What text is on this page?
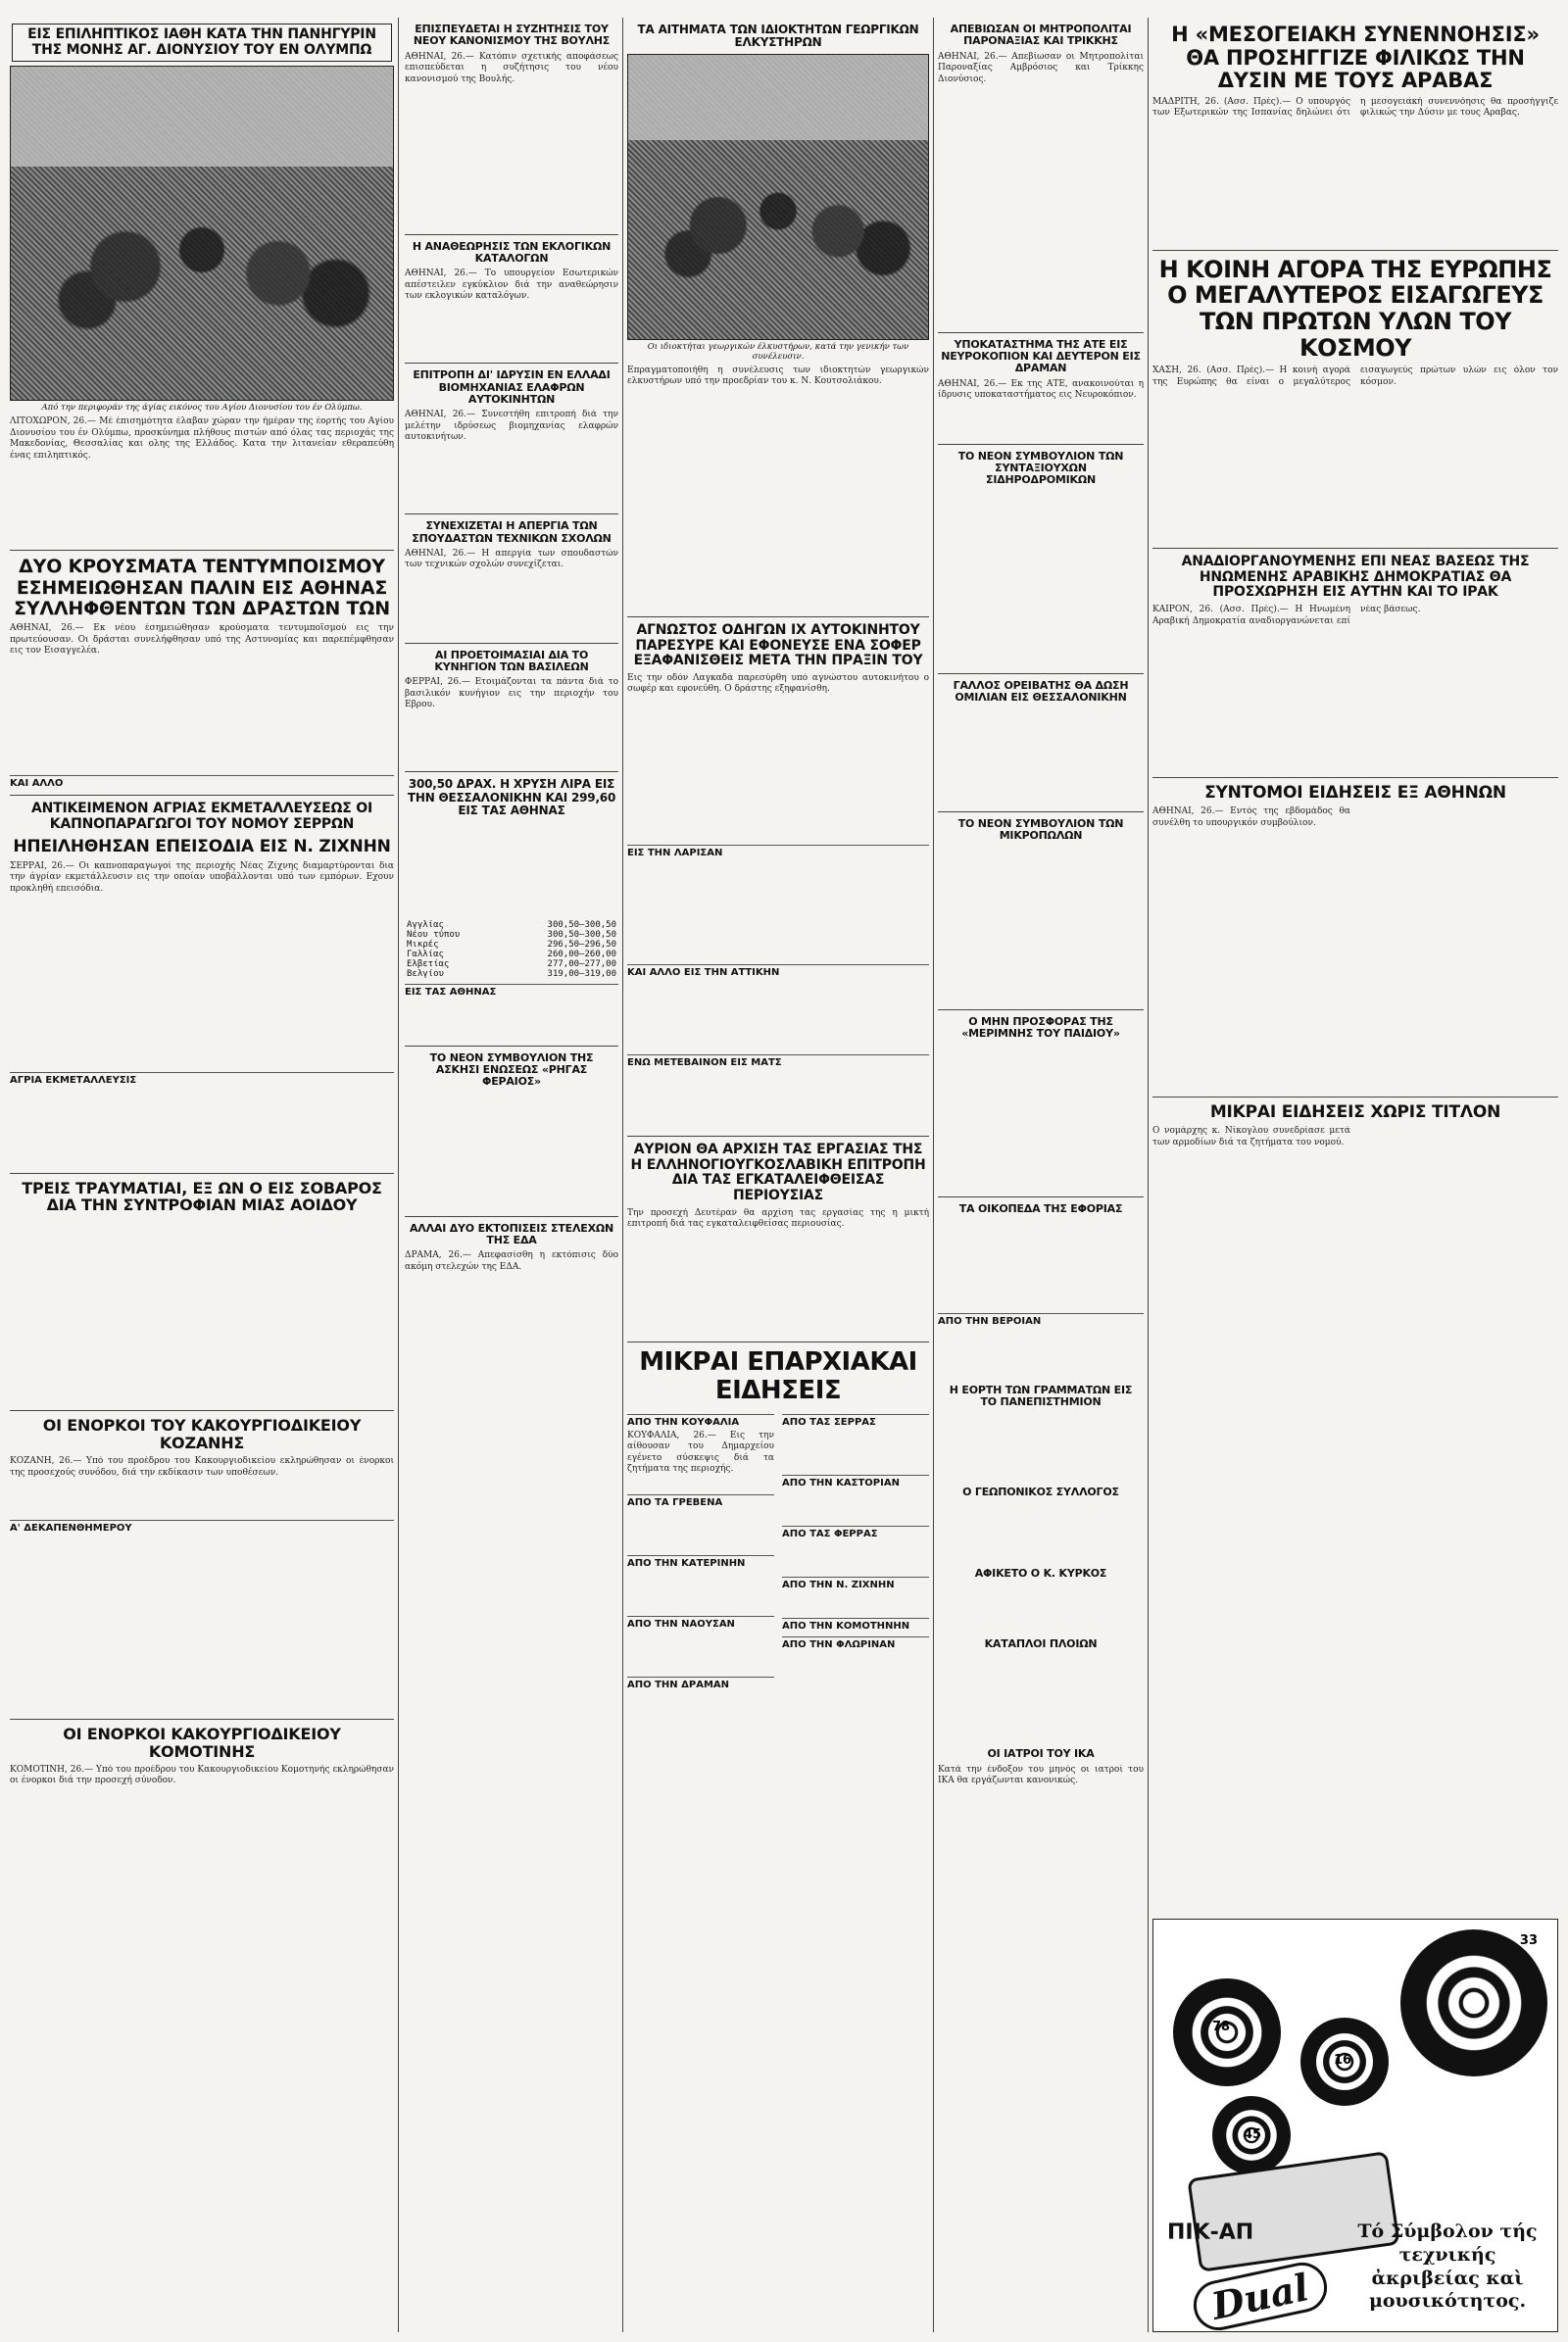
ΕΙΣ ΕΠΙΛΗΠΤΙΚΟΣ ΙΑΘΗ ΚΑΤΑ ΤΗΝ ΠΑΝΗΓΥΡΙΝ ΤΗΣ ΜΟΝΗΣ ΑΓ. ΔΙΟΝΥΣΙΟΥ ΤΟΥ ΕΝ ΟΛΥΜΠΩ
Από την περιφοράν της άγίας εικόνος του Αγίου Διονυσίου του έν Ολύμπω.
ΛΙΤΟΧΩΡΟΝ, 26.— Μέ έπισημότητα έλαβαν χώραν την ήμέραν της έορτής του Αγίου Διονυσίου του έν Ολύμπω, προσκύνημα πλήθους πιστών από όλας τας περιοχάς της Μακεδονίας, Θεσσαλίας και ολης της Ελλάδος. Κατα την λιτανείαν εθεραπεύθη ένας επιληπτικός.
ΔΥΟ ΚΡΟΥΣΜΑΤΑ ΤΕΝΤΥΜΠΟΙΣΜΟΥ ΕΣΗΜΕΙΩΘΗΣΑΝ ΠΑΛΙΝ ΕΙΣ ΑΘΗΝΑΣ ΣΥΛΛΗΦΘΕΝΤΩΝ ΤΩΝ ΔΡΑΣΤΩΝ ΤΩΝ
ΑΘΗΝΑΙ, 26.— Εκ νέου έσημειώθησαν κρούσματα τεντυμποϊσμού εις την πρωτεύουσαν. Οι δράσται συνελήφθησαν υπό της Αστυνομίας και παρεπέμφθησαν εις τον Εισαγγελέα.
ΚΑΙ ΑΛΛΟ
ΑΝΤΙΚΕΙΜΕΝΟΝ ΑΓΡΙΑΣ ΕΚΜΕΤΑΛΛΕΥΣΕΩΣ ΟΙ ΚΑΠΝΟΠΑΡΑΓΩΓΟΙ ΤΟΥ ΝΟΜΟΥ ΣΕΡΡΩΝ
ΗΠΕΙΛΗΘΗΣΑΝ ΕΠΕΙΣΟΔΙΑ ΕΙΣ Ν. ΖΙΧΝΗΝ
ΣΕΡΡΑΙ, 26.— Οι καπνοπαραγωγοί της περιοχής Νέας Ζίχνης διαμαρτύρονται δια την άγρίαν εκμετάλλευσιν εις την οποίαν υποβάλλονται υπό των εμπόρων. Εχουν προκληθή επεισόδια.
ΑΓΡΙΑ ΕΚΜΕΤΑΛΛΕΥΣΙΣ
ΤΡΕΙΣ ΤΡΑΥΜΑΤΙΑΙ, ΕΞ ΩΝ Ο ΕΙΣ ΣΟΒΑΡΟΣ ΔΙΑ ΤΗΝ ΣΥΝΤΡΟΦΙΑΝ ΜΙΑΣ ΑΟΙΔΟΥ
ΟΙ ΕΝΟΡΚΟΙ ΤΟΥ ΚΑΚΟΥΡΓΙΟΔΙΚΕΙΟΥ ΚΟΖΑΝΗΣ
ΚΟΖΑΝΗ, 26.— Υπό του προέδρου του Κακουργιοδικείου εκληρώθησαν οι ένορκοι της προσεχούς συνόδου, διά την εκδίκασιν των υποθέσεων.
Α' ΔΕΚΑΠΕΝΘΗΜΕΡΟΥ
ΟΙ ΕΝΟΡΚΟΙ ΚΑΚΟΥΡΓΙΟΔΙΚΕΙΟΥ ΚΟΜΟΤΙΝΗΣ
ΚΟΜΟΤΙΝΗ, 26.— Υπό του προέδρου του Κακουργιοδικείου Κομοτηνής εκληρώθησαν οι ένορκοι διά την προσεχή σύνοδον.
ΕΠΙΣΠΕΥΔΕΤΑΙ Η ΣΥΖΗΤΗΣΙΣ ΤΟΥ ΝΕΟΥ ΚΑΝΟΝΙΣΜΟΥ ΤΗΣ ΒΟΥΛΗΣ
ΑΘΗΝΑΙ, 26.— Κατόπιν σχετικής αποφάσεως επισπεύδεται η συζήτησις του νέου κανονισμού της Βουλής.
Η ΑΝΑΘΕΩΡΗΣΙΣ ΤΩΝ ΕΚΛΟΓΙΚΩΝ ΚΑΤΑΛΟΓΩΝ
ΑΘΗΝΑΙ, 26.— Το υπουργείον Εσωτερικών απέστειλεν εγκύκλιον διά την αναθεώρησιν των εκλογικών καταλόγων.
ΕΠΙΤΡΟΠΗ ΔΙ' ΙΔΡΥΣΙΝ ΕΝ ΕΛΛΑΔΙ ΒΙΟΜΗΧΑΝΙΑΣ ΕΛΑΦΡΩΝ ΑΥΤΟΚΙΝΗΤΩΝ
ΑΘΗΝΑΙ, 26.— Συνεστήθη επιτροπή διά την μελέτην ιδρύσεως βιομηχανίας ελαφρών αυτοκινήτων.
ΣΥΝΕΧΙΖΕΤΑΙ Η ΑΠΕΡΓΙΑ ΤΩΝ ΣΠΟΥΔΑΣΤΩΝ ΤΕΧΝΙΚΩΝ ΣΧΟΛΩΝ
ΑΘΗΝΑΙ, 26.— Η απεργία των σπουδαστών των τεχνικών σχολών συνεχίζεται.
ΑΙ ΠΡΟΕΤΟΙΜΑΣΙΑΙ ΔΙΑ ΤΟ ΚΥΝΗΓΙΟΝ ΤΩΝ ΒΑΣΙΛΕΩΝ
ΦΕΡΡΑΙ, 26.— Ετοιμάζονται τα πάντα διά το βασιλικόν κυνήγιον εις την περιοχήν του Εβρου.
300,50 ΔΡΑΧ. Η ΧΡΥΣΗ ΛΙΡΑ ΕΙΣ ΤΗΝ ΘΕΣΣΑΛΟΝΙΚΗΝ ΚΑΙ 299,60 ΕΙΣ ΤΑΣ ΑΘΗΝΑΣ
Αγγλίας	300,50—300,50
Νέου τύπου	300,50—300,50
Μικρές	296,50—296,50
Γαλλίας	260,00—260,00
Ελβετίας	277,00—277,00
Βελγίου	319,00—319,00
ΕΙΣ ΤΑΣ ΑΘΗΝΑΣ
ΤΟ ΝΕΟΝ ΣΥΜΒΟΥΛΙΟΝ ΤΗΣ ΑΣΚΗΣΙ ΕΝΩΣΕΩΣ «ΡΗΓΑΣ ΦΕΡΑΙΟΣ»
ΑΛΛΑΙ ΔΥΟ ΕΚΤΟΠΙΣΕΙΣ ΣΤΕΛΕΧΩΝ ΤΗΣ ΕΔΑ
ΔΡΑΜΑ, 26.— Απεφασίσθη η εκτόπισις δύο ακόμη στελεχών της ΕΔΑ.
ΤΑ ΑΙΤΗΜΑΤΑ ΤΩΝ ΙΔΙΟΚΤΗΤΩΝ ΓΕΩΡΓΙΚΩΝ ΕΛΚΥΣΤΗΡΩΝ
Οι ιδιοκτήται γεωργικών έλκυστήρων, κατά την γενικήν των συνέλευσιν.
Επραγματοποιήθη η συνέλευσις των ιδιοκτητών γεωργικών ελκυστήρων υπό την προεδρίαν του κ. Ν. Κουτσολιάκου.
ΑΓΝΩΣΤΟΣ ΟΔΗΓΩΝ ΙΧ ΑΥΤΟΚΙΝΗΤΟΥ ΠΑΡΕΣΥΡΕ ΚΑΙ ΕΦΟΝΕΥΣΕ ΕΝΑ ΣΟΦΕΡ ΕΞΑΦΑΝΙΣΘΕΙΣ ΜΕΤΑ ΤΗΝ ΠΡΑΞΙΝ ΤΟΥ
Εις την οδόν Λαγκαδά παρεσύρθη υπό αγνώστου αυτοκινήτου ο σωφέρ και εφονεύθη. Ο δράστης εξηφανίσθη.
ΕΙΣ ΤΗΝ ΛΑΡΙΣΑΝ
ΚΑΙ ΑΛΛΟ ΕΙΣ ΤΗΝ ΑΤΤΙΚΗΝ
ΕΝΩ ΜΕΤΕΒΑΙΝΟΝ ΕΙΣ ΜΑΤΣ
ΑΥΡΙΟΝ ΘΑ ΑΡΧΙΣΗ ΤΑΣ ΕΡΓΑΣΙΑΣ ΤΗΣ Η ΕΛΛΗΝΟΓΙΟΥΓΚΟΣΛΑΒΙΚΗ ΕΠΙΤΡΟΠΗ ΔΙΑ ΤΑΣ ΕΓΚΑΤΑΛΕΙΦΘΕΙΣΑΣ ΠΕΡΙΟΥΣΙΑΣ
Την προσεχή Δευτέραν θα αρχίση τας εργασίας της η μικτή επιτροπή διά τας εγκαταλειφθείσας περιουσίας.
ΜΙΚΡΑΙ ΕΠΑΡΧΙΑΚΑΙ ΕΙΔΗΣΕΙΣ
ΑΠΟ ΤΗΝ ΚΟΥΦΑΛΙΑ
ΚΟΥΦΑΛΙΑ, 26.— Εις την αίθουσαν του Δημαρχείου εγένετο σύσκεψις διά τα ζητήματα της περιοχής.
ΑΠΟ ΤΑ ΓΡΕΒΕΝΑ
ΑΠΟ ΤΗΝ ΚΑΤΕΡΙΝΗΝ
ΑΠΟ ΤΗΝ ΝΑΟΥΣΑΝ
ΑΠΟ ΤΗΝ ΔΡΑΜΑΝ
ΑΠΟ ΤΑΣ ΣΕΡΡΑΣ
ΑΠΟ ΤΗΝ ΚΑΣΤΟΡΙΑΝ
ΑΠΟ ΤΑΣ ΦΕΡΡΑΣ
ΑΠΟ ΤΗΝ Ν. ΖΙΧΝΗΝ
ΑΠΟ ΤΗΝ ΚΟΜΟΤΗΝΗΝ
ΑΠΟ ΤΗΝ ΦΛΩΡΙΝΑΝ
ΑΠΕΒΙΩΣΑΝ ΟΙ ΜΗΤΡΟΠΟΛΙΤΑΙ ΠΑΡΟΝΑΞΙΑΣ ΚΑΙ ΤΡΙΚΚΗΣ
ΑΘΗΝΑΙ, 26.— Απεβίωσαν οι Μητροπολίται Παροναξίας Αμβρόσιος και Τρίκκης Διονύσιος.
ΥΠΟΚΑΤΑΣΤΗΜΑ ΤΗΣ ΑΤΕ ΕΙΣ ΝΕΥΡΟΚΟΠΙΟΝ ΚΑΙ ΔΕΥΤΕΡΟΝ ΕΙΣ ΔΡΑΜΑΝ
ΑΘΗΝΑΙ, 26.— Εκ της ΑΤΕ, ανακοινούται η ίδρυσις υποκαταστήματος εις Νευροκόπιον.
ΤΟ ΝΕΟΝ ΣΥΜΒΟΥΛΙΟΝ ΤΩΝ ΣΥΝΤΑΞΙΟΥΧΩΝ ΣΙΔΗΡΟΔΡΟΜΙΚΩΝ
ΓΑΛΛΟΣ ΟΡΕΙΒΑΤΗΣ ΘΑ ΔΩΣΗ ΟΜΙΛΙΑΝ ΕΙΣ ΘΕΣΣΑΛΟΝΙΚΗΝ
ΤΟ ΝΕΟΝ ΣΥΜΒΟΥΛΙΟΝ ΤΩΝ ΜΙΚΡΟΠΩΛΩΝ
Ο ΜΗΝ ΠΡΟΣΦΟΡΑΣ ΤΗΣ «ΜΕΡΙΜΝΗΣ ΤΟΥ ΠΑΙΔΙΟΥ»
ΤΑ ΟΙΚΟΠΕΔΑ ΤΗΣ ΕΦΟΡΙΑΣ
ΑΠΟ ΤΗΝ ΒΕΡΟΙΑΝ
Η ΕΟΡΤΗ ΤΩΝ ΓΡΑΜΜΑΤΩΝ ΕΙΣ ΤΟ ΠΑΝΕΠΙΣΤΗΜΙΟΝ
Ο ΓΕΩΠΟΝΙΚΟΣ ΣΥΛΛΟΓΟΣ
ΑΦΙΚΕΤΟ Ο Κ. ΚΥΡΚΟΣ
ΚΑΤΑΠΛΟΙ ΠΛΟΙΩΝ
ΟΙ ΙΑΤΡΟΙ ΤΟΥ ΙΚΑ
Κατά την ένδοξον του μηνός οι ιατροί του ΙΚΑ θα εργάζωνται κανονικώς.
Η «ΜΕΣΟΓΕΙΑΚΗ ΣΥΝΕΝΝΟΗΣΙΣ» ΘΑ ΠΡΟΣΗΓΓΙΖΕ ΦΙΛΙΚΩΣ ΤΗΝ ΔΥΣΙΝ ΜΕ ΤΟΥΣ ΑΡΑΒΑΣ
ΜΑΔΡΙΤΗ, 26. (Ασσ. Πρές).— Ο υπουργός των Εξωτερικών της Ισπανίας δηλώνει ότι η μεσογειακή συνεννόησις θα προσήγγιζε φιλικώς την Δύσιν με τους Αραβας.
Η ΚΟΙΝΗ ΑΓΟΡΑ ΤΗΣ ΕΥΡΩΠΗΣ Ο ΜΕΓΑΛΥΤΕΡΟΣ ΕΙΣΑΓΩΓΕΥΣ ΤΩΝ ΠΡΩΤΩΝ ΥΛΩΝ ΤΟΥ ΚΟΣΜΟΥ
ΧΑΣΗ, 26. (Ασσ. Πρές).— Η κοινή αγορά της Ευρώπης θα είναι ο μεγαλύτερος εισαγωγεύς πρώτων υλών εις όλον τον κόσμον.
ΑΝΑΔΙΟΡΓΑΝΟΥΜΕΝΗΣ ΕΠΙ ΝΕΑΣ ΒΑΣΕΩΣ ΤΗΣ ΗΝΩΜΕΝΗΣ ΑΡΑΒΙΚΗΣ ΔΗΜΟΚΡΑΤΙΑΣ ΘΑ ΠΡΟΣΧΩΡΗΣΗ ΕΙΣ ΑΥΤΗΝ ΚΑΙ ΤΟ ΙΡΑΚ
ΚΑΪΡΟΝ, 26. (Ασσ. Πρές).— Η Ηνωμένη Αραβική Δημοκρατία αναδιοργανώνεται επί νέας βάσεως.
ΣΥΝΤΟΜΟΙ ΕΙΔΗΣΕΙΣ ΕΞ ΑΘΗΝΩΝ
ΑΘΗΝΑΙ, 26.— Εντός της εβδομάδος θα συνέλθη το υπουργικόν συμβούλιον.
ΜΙΚΡΑΙ ΕΙΔΗΣΕΙΣ ΧΩΡΙΣ ΤΙΤΛΟΝ
Ο νομάρχης κ. Νίκογλου συνεδρίασε μετά των αρμοδίων διά τα ζητήματα του νομού.
33
78
16
45
ΠΙΚ-ΑΠ
Dual
Τό Σύμβολον τής τεχνικής ἀκριβείας καὶ μουσικότητος.
